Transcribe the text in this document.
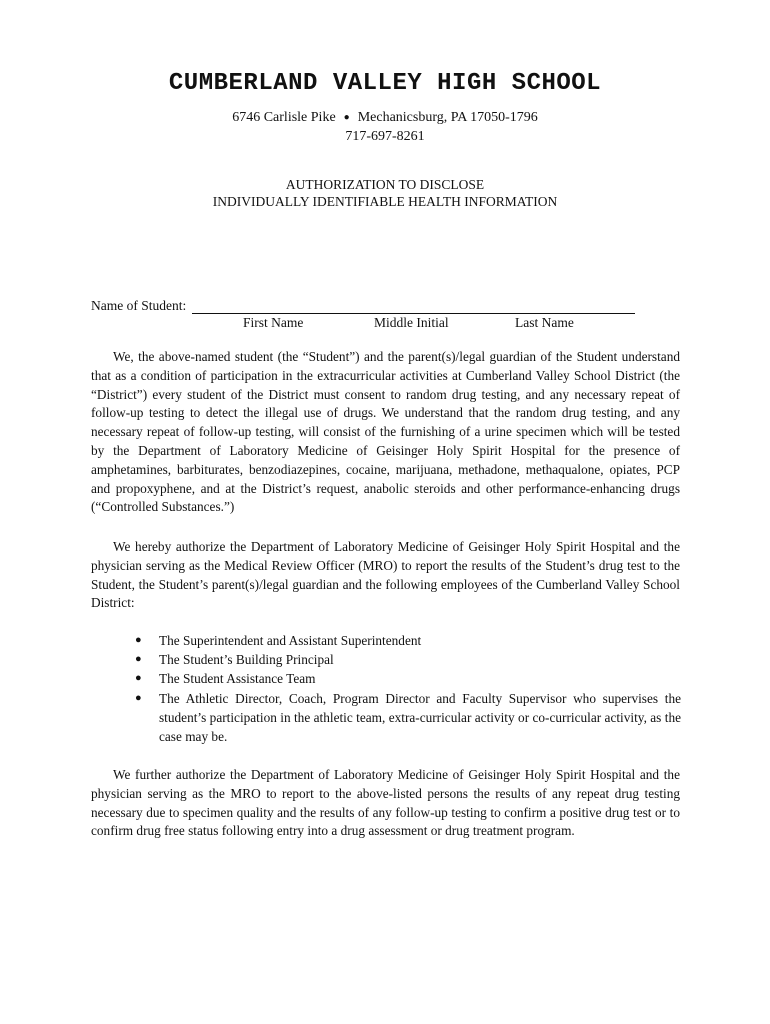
CUMBERLAND VALLEY HIGH SCHOOL
6746 Carlisle Pike ● Mechanicsburg, PA 17050-1796
717-697-8261
AUTHORIZATION TO DISCLOSE
INDIVIDUALLY IDENTIFIABLE HEALTH INFORMATION
Name of Student:
First Name	Middle Initial	Last Name

We, the above-named student (the “Student”) and the parent(s)/legal guardian of the Student understand that as a condition of participation in the extracurricular activities at Cumberland Valley School District (the “District”) every student of the District must consent to random drug testing, and any necessary repeat of follow-up testing to detect the illegal use of drugs. We understand that the random drug testing, and any necessary repeat of follow-up testing, will consist of the furnishing of a urine specimen which will be tested by the Department of Laboratory Medicine of Geisinger Holy Spirit Hospital for the presence of amphetamines, barbiturates, benzodiazepines, cocaine, marijuana, methadone, methaqualone, opiates, PCP and propoxyphene, and at the District’s request, anabolic steroids and other performance-enhancing drugs (“Controlled Substances.”)

We hereby authorize the Department of Laboratory Medicine of Geisinger Holy Spirit Hospital and the physician serving as the Medical Review Officer (MRO) to report the results of the Student’s drug test to the Student, the Student’s parent(s)/legal guardian and the following employees of the Cumberland Valley School District:

● The Superintendent and Assistant Superintendent
● The Student’s Building Principal
● The Student Assistance Team
● The Athletic Director, Coach, Program Director and Faculty Supervisor who supervises the student’s participation in the athletic team, extra-curricular activity or co-curricular activity, as the case may be.

We further authorize the Department of Laboratory Medicine of Geisinger Holy Spirit Hospital and the physician serving as the MRO to report to the above-listed persons the results of any repeat drug testing necessary due to specimen quality and the results of any follow-up testing to confirm a positive drug test or to confirm drug free status following entry into a drug assessment or drug treatment program.
